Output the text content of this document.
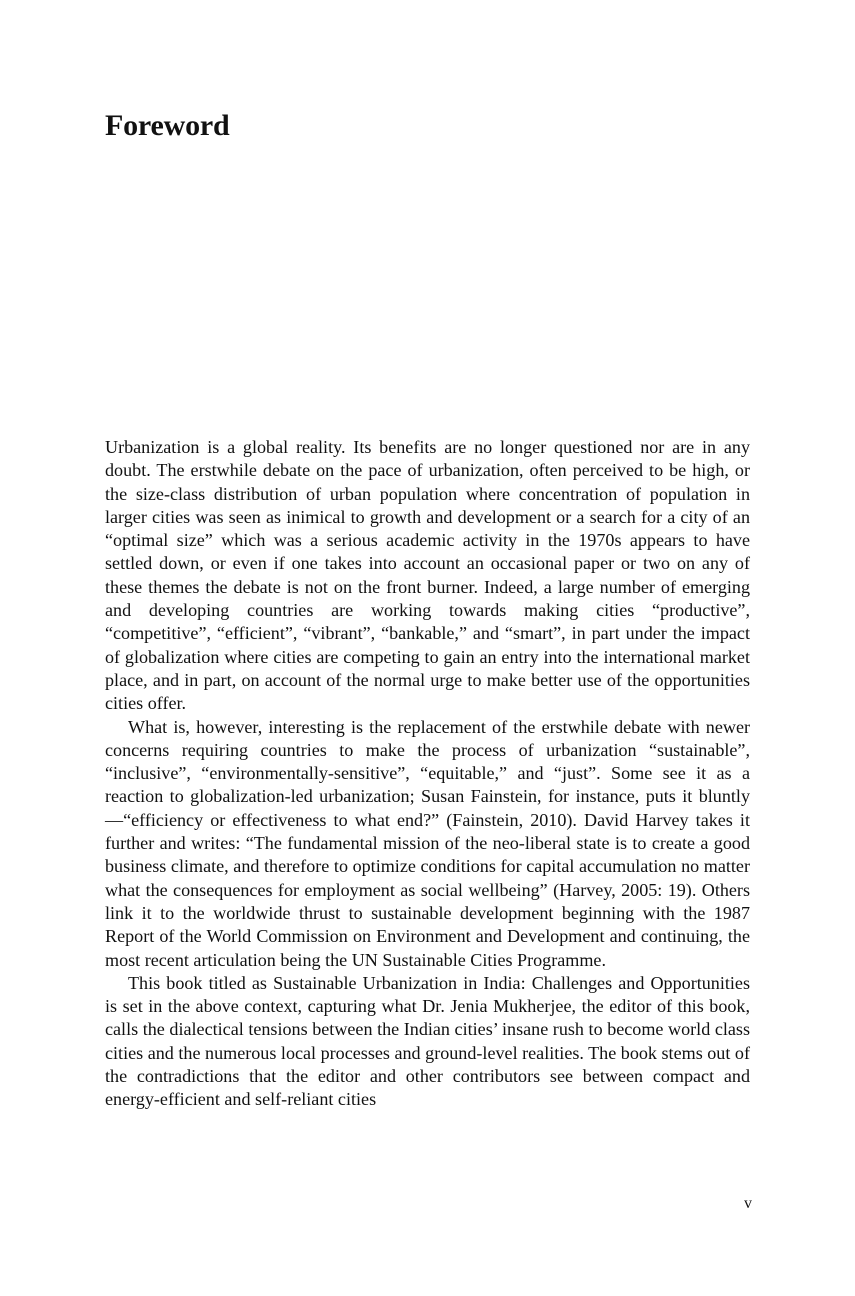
Foreword

Urbanization is a global reality. Its benefits are no longer questioned nor are in any doubt. The erstwhile debate on the pace of urbanization, often perceived to be high, or the size-class distribution of urban population where concentration of population in larger cities was seen as inimical to growth and development or a search for a city of an “optimal size” which was a serious academic activity in the 1970s appears to have settled down, or even if one takes into account an occasional paper or two on any of these themes the debate is not on the front burner. Indeed, a large number of emerging and developing countries are working towards making cities “productive”, “competitive”, “efficient”, “vibrant”, “bankable,” and “smart”, in part under the impact of globalization where cities are competing to gain an entry into the international market place, and in part, on account of the normal urge to make better use of the opportunities cities offer.

What is, however, interesting is the replacement of the erstwhile debate with newer concerns requiring countries to make the process of urbanization “sustainable”, “inclusive”, “environmentally-sensitive”, “equitable,” and “just”. Some see it as a reaction to globalization-led urbanization; Susan Fainstein, for instance, puts it bluntly—“efficiency or effectiveness to what end?” (Fainstein, 2010). David Harvey takes it further and writes: “The fundamental mission of the neo-liberal state is to create a good business climate, and therefore to optimize conditions for capital accumulation no matter what the consequences for employment as social wellbeing” (Harvey, 2005: 19). Others link it to the worldwide thrust to sustainable development beginning with the 1987 Report of the World Commission on Environment and Development and continuing, the most recent articulation being the UN Sustainable Cities Programme.

This book titled as Sustainable Urbanization in India: Challenges and Opportunities is set in the above context, capturing what Dr. Jenia Mukherjee, the editor of this book, calls the dialectical tensions between the Indian cities’ insane rush to become world class cities and the numerous local processes and ground-level realities. The book stems out of the contradictions that the editor and other contributors see between compact and energy-efficient and self-reliant cities

v
